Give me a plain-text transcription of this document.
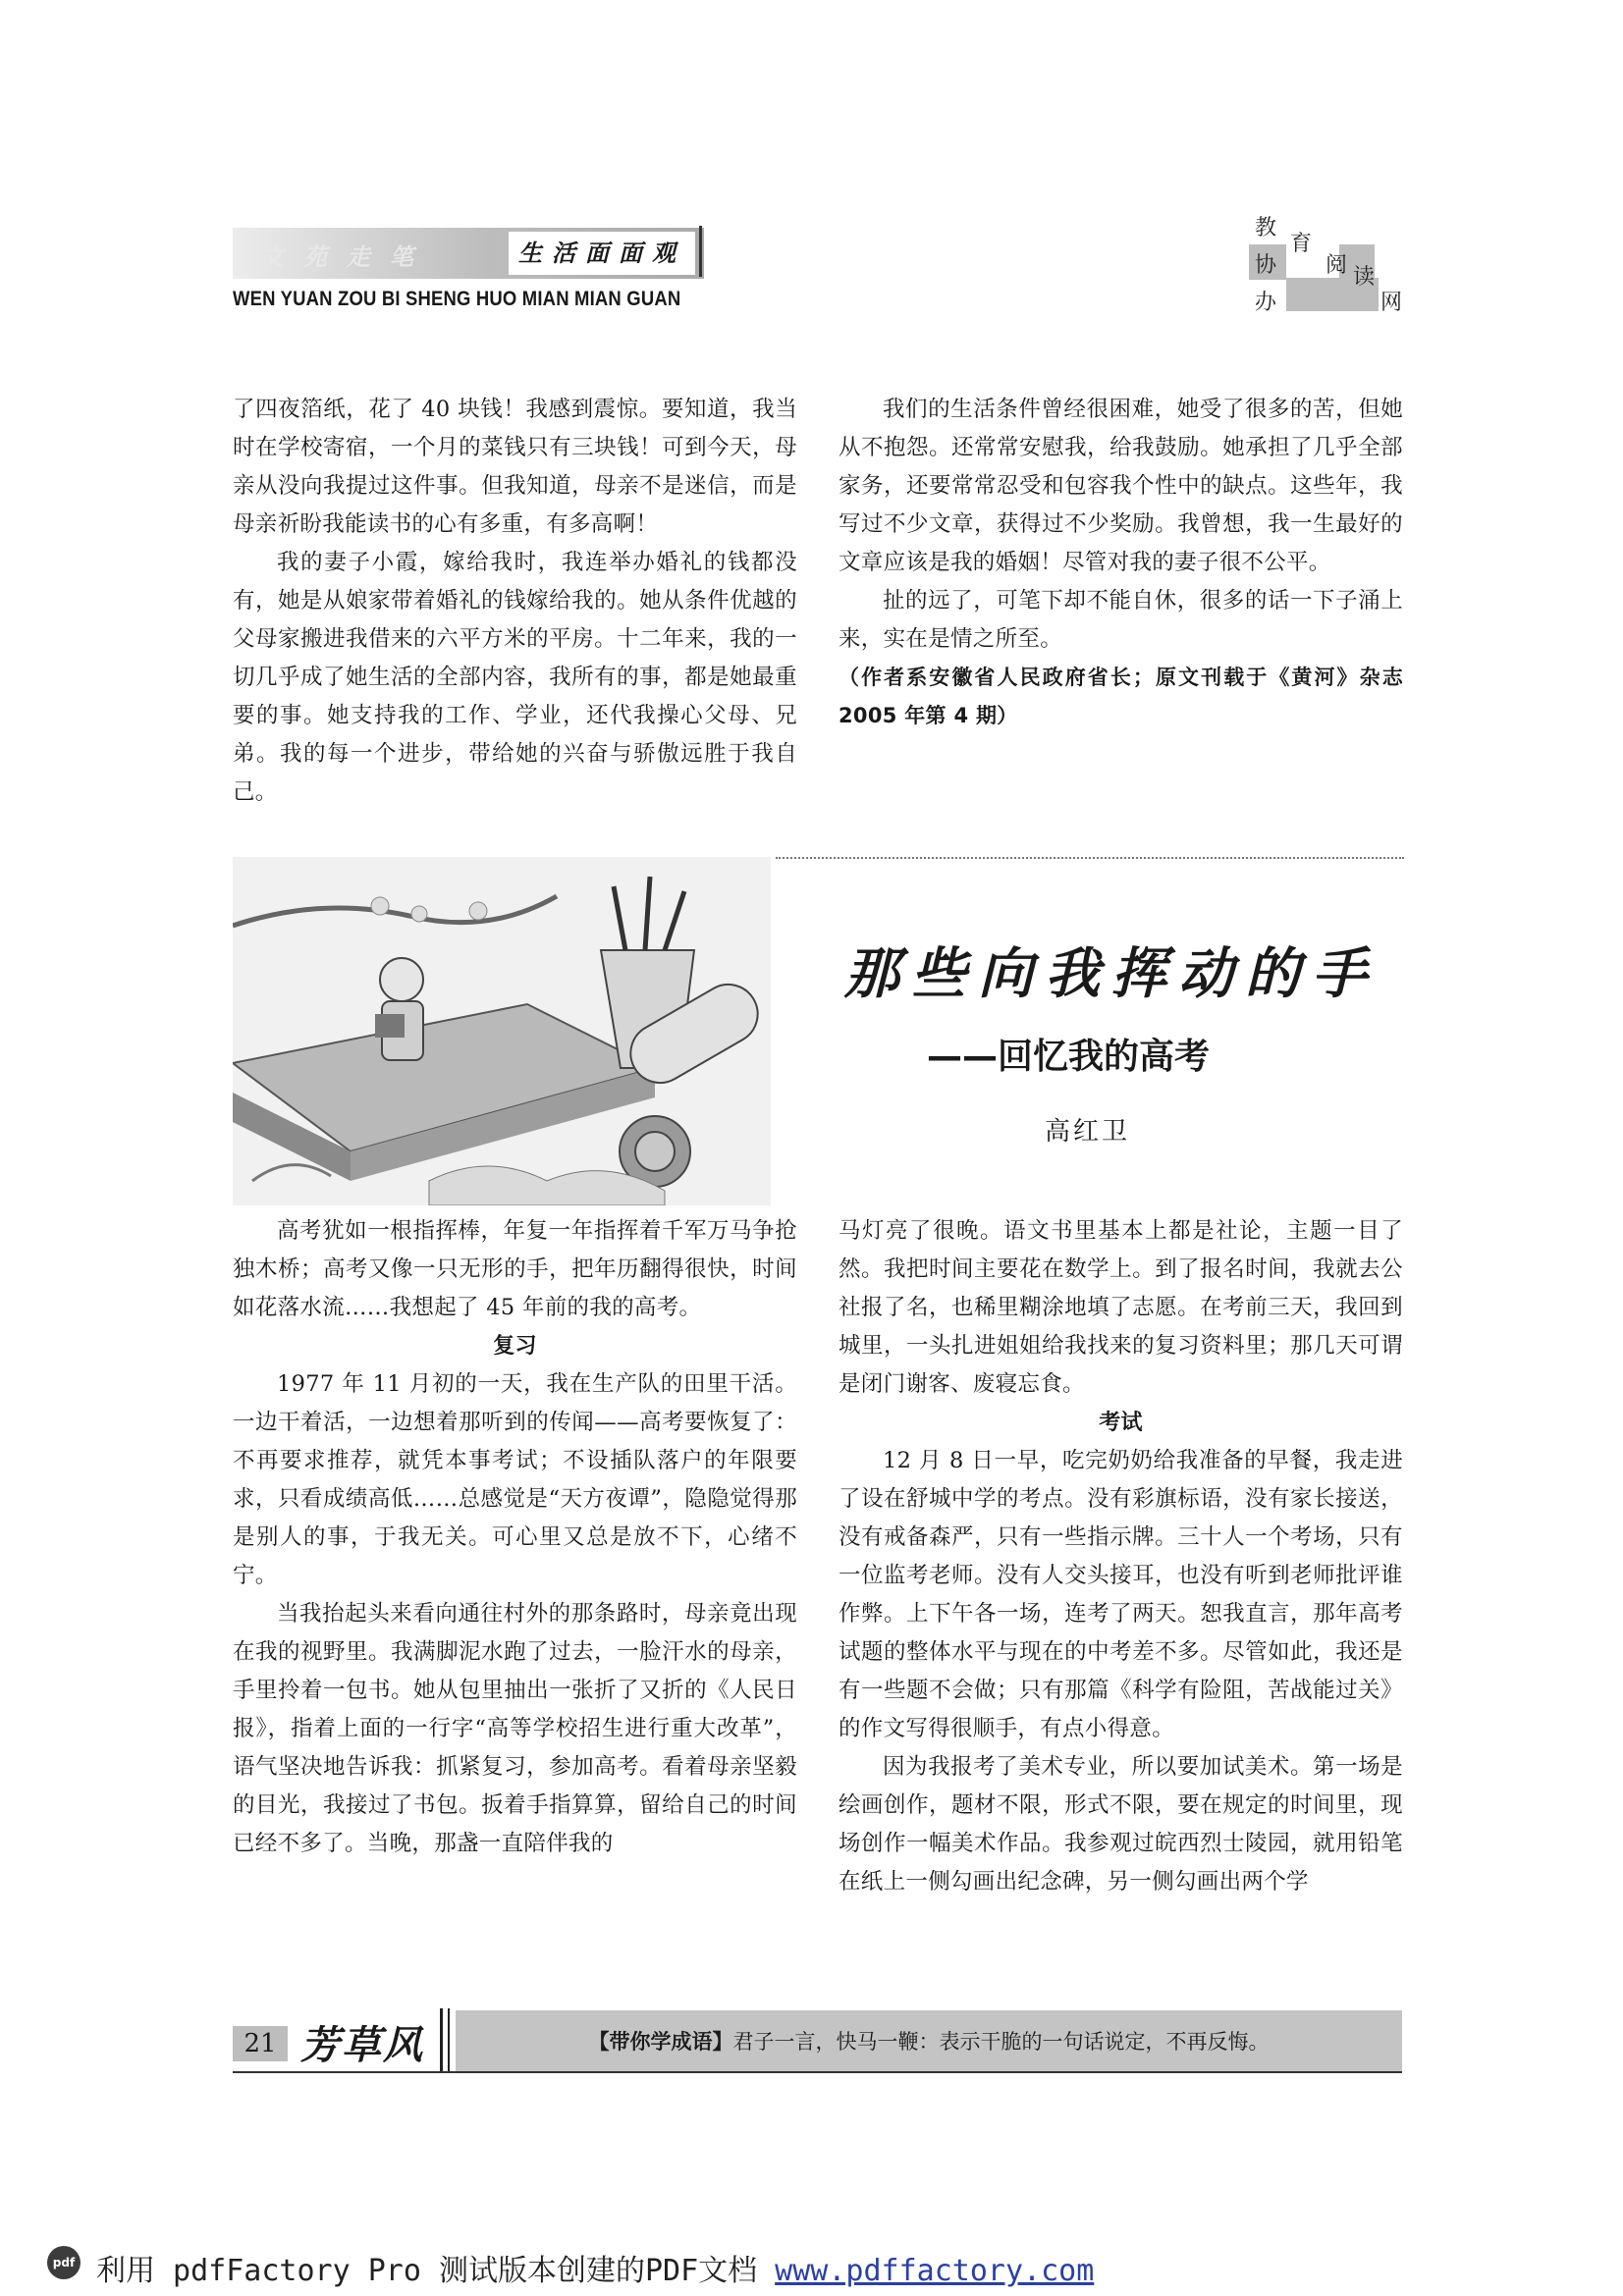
文苑走笔	生活面面观
WEN YUAN ZOU BI SHENG HUO MIAN MIAN GUAN
教
育
协 阅 读
办	网

了四夜箔纸，花了 40 块钱！我感到震惊。要知道，我当时在学校寄宿，一个月的菜钱只有三块钱！可到今天，母亲从没向我提过这件事。但我知道，母亲不是迷信，而是母亲祈盼我能读书的心有多重，有多高啊！

我的妻子小霞，嫁给我时，我连举办婚礼的钱都没有，她是从娘家带着婚礼的钱嫁给我的。她从条件优越的父母家搬进我借来的六平方米的平房。十二年来，我的一切几乎成了她生活的全部内容，我所有的事，都是她最重要的事。她支持我的工作、学业，还代我操心父母、兄弟。我的每一个进步，带给她的兴奋与骄傲远胜于我自己。

我们的生活条件曾经很困难，她受了很多的苦，但她从不抱怨。还常常安慰我，给我鼓励。她承担了几乎全部家务，还要常常忍受和包容我个性中的缺点。这些年，我写过不少文章，获得过不少奖励。我曾想，我一生最好的文章应该是我的婚姻！尽管对我的妻子很不公平。

扯的远了，可笔下却不能自休，很多的话一下子涌上来，实在是情之所至。

（作者系安徽省人民政府省长；原文刊载于《黄河》杂志 2005 年第 4 期）

那些向我挥动的手
——回忆我的高考
高红卫

高考犹如一根指挥棒，年复一年指挥着千军万马争抢独木桥；高考又像一只无形的手，把年历翻得很快，时间如花落水流……我想起了 45 年前的我的高考。

复习

1977 年 11 月初的一天，我在生产队的田里干活。一边干着活，一边想着那听到的传闻——高考要恢复了：不再要求推荐，就凭本事考试；不设插队落户的年限要求，只看成绩高低……总感觉是“天方夜谭”，隐隐觉得那是别人的事，于我无关。可心里又总是放不下，心绪不宁。

当我抬起头来看向通往村外的那条路时，母亲竟出现在我的视野里。我满脚泥水跑了过去，一脸汗水的母亲，手里拎着一包书。她从包里抽出一张折了又折的《人民日报》，指着上面的一行字“高等学校招生进行重大改革”，语气坚决地告诉我：抓紧复习，参加高考。看着母亲坚毅的目光，我接过了书包。扳着手指算算，留给自己的时间已经不多了。当晚，那盏一直陪伴我的

马灯亮了很晚。语文书里基本上都是社论，主题一目了然。我把时间主要花在数学上。到了报名时间，我就去公社报了名，也稀里糊涂地填了志愿。在考前三天，我回到城里，一头扎进姐姐给我找来的复习资料里；那几天可谓是闭门谢客、废寝忘食。

考试

12 月 8 日一早，吃完奶奶给我准备的早餐，我走进了设在舒城中学的考点。没有彩旗标语，没有家长接送，没有戒备森严，只有一些指示牌。三十人一个考场，只有一位监考老师。没有人交头接耳，也没有听到老师批评谁作弊。上下午各一场，连考了两天。恕我直言，那年高考试题的整体水平与现在的中考差不多。尽管如此，我还是有一些题不会做；只有那篇《科学有险阻，苦战能过关》的作文写得很顺手，有点小得意。

因为我报考了美术专业，所以要加试美术。第一场是绘画创作，题材不限，形式不限，要在规定的时间里，现场创作一幅美术作品。我参观过皖西烈士陵园，就用铅笔在纸上一侧勾画出纪念碑，另一侧勾画出两个学

21 芳草风	【带你学成语】君子一言，快马一鞭：表示干脆的一句话说定，不再反悔。
pdf 利用 pdfFactory Pro 测试版本创建的PDF文档 www.pdffactory.com
